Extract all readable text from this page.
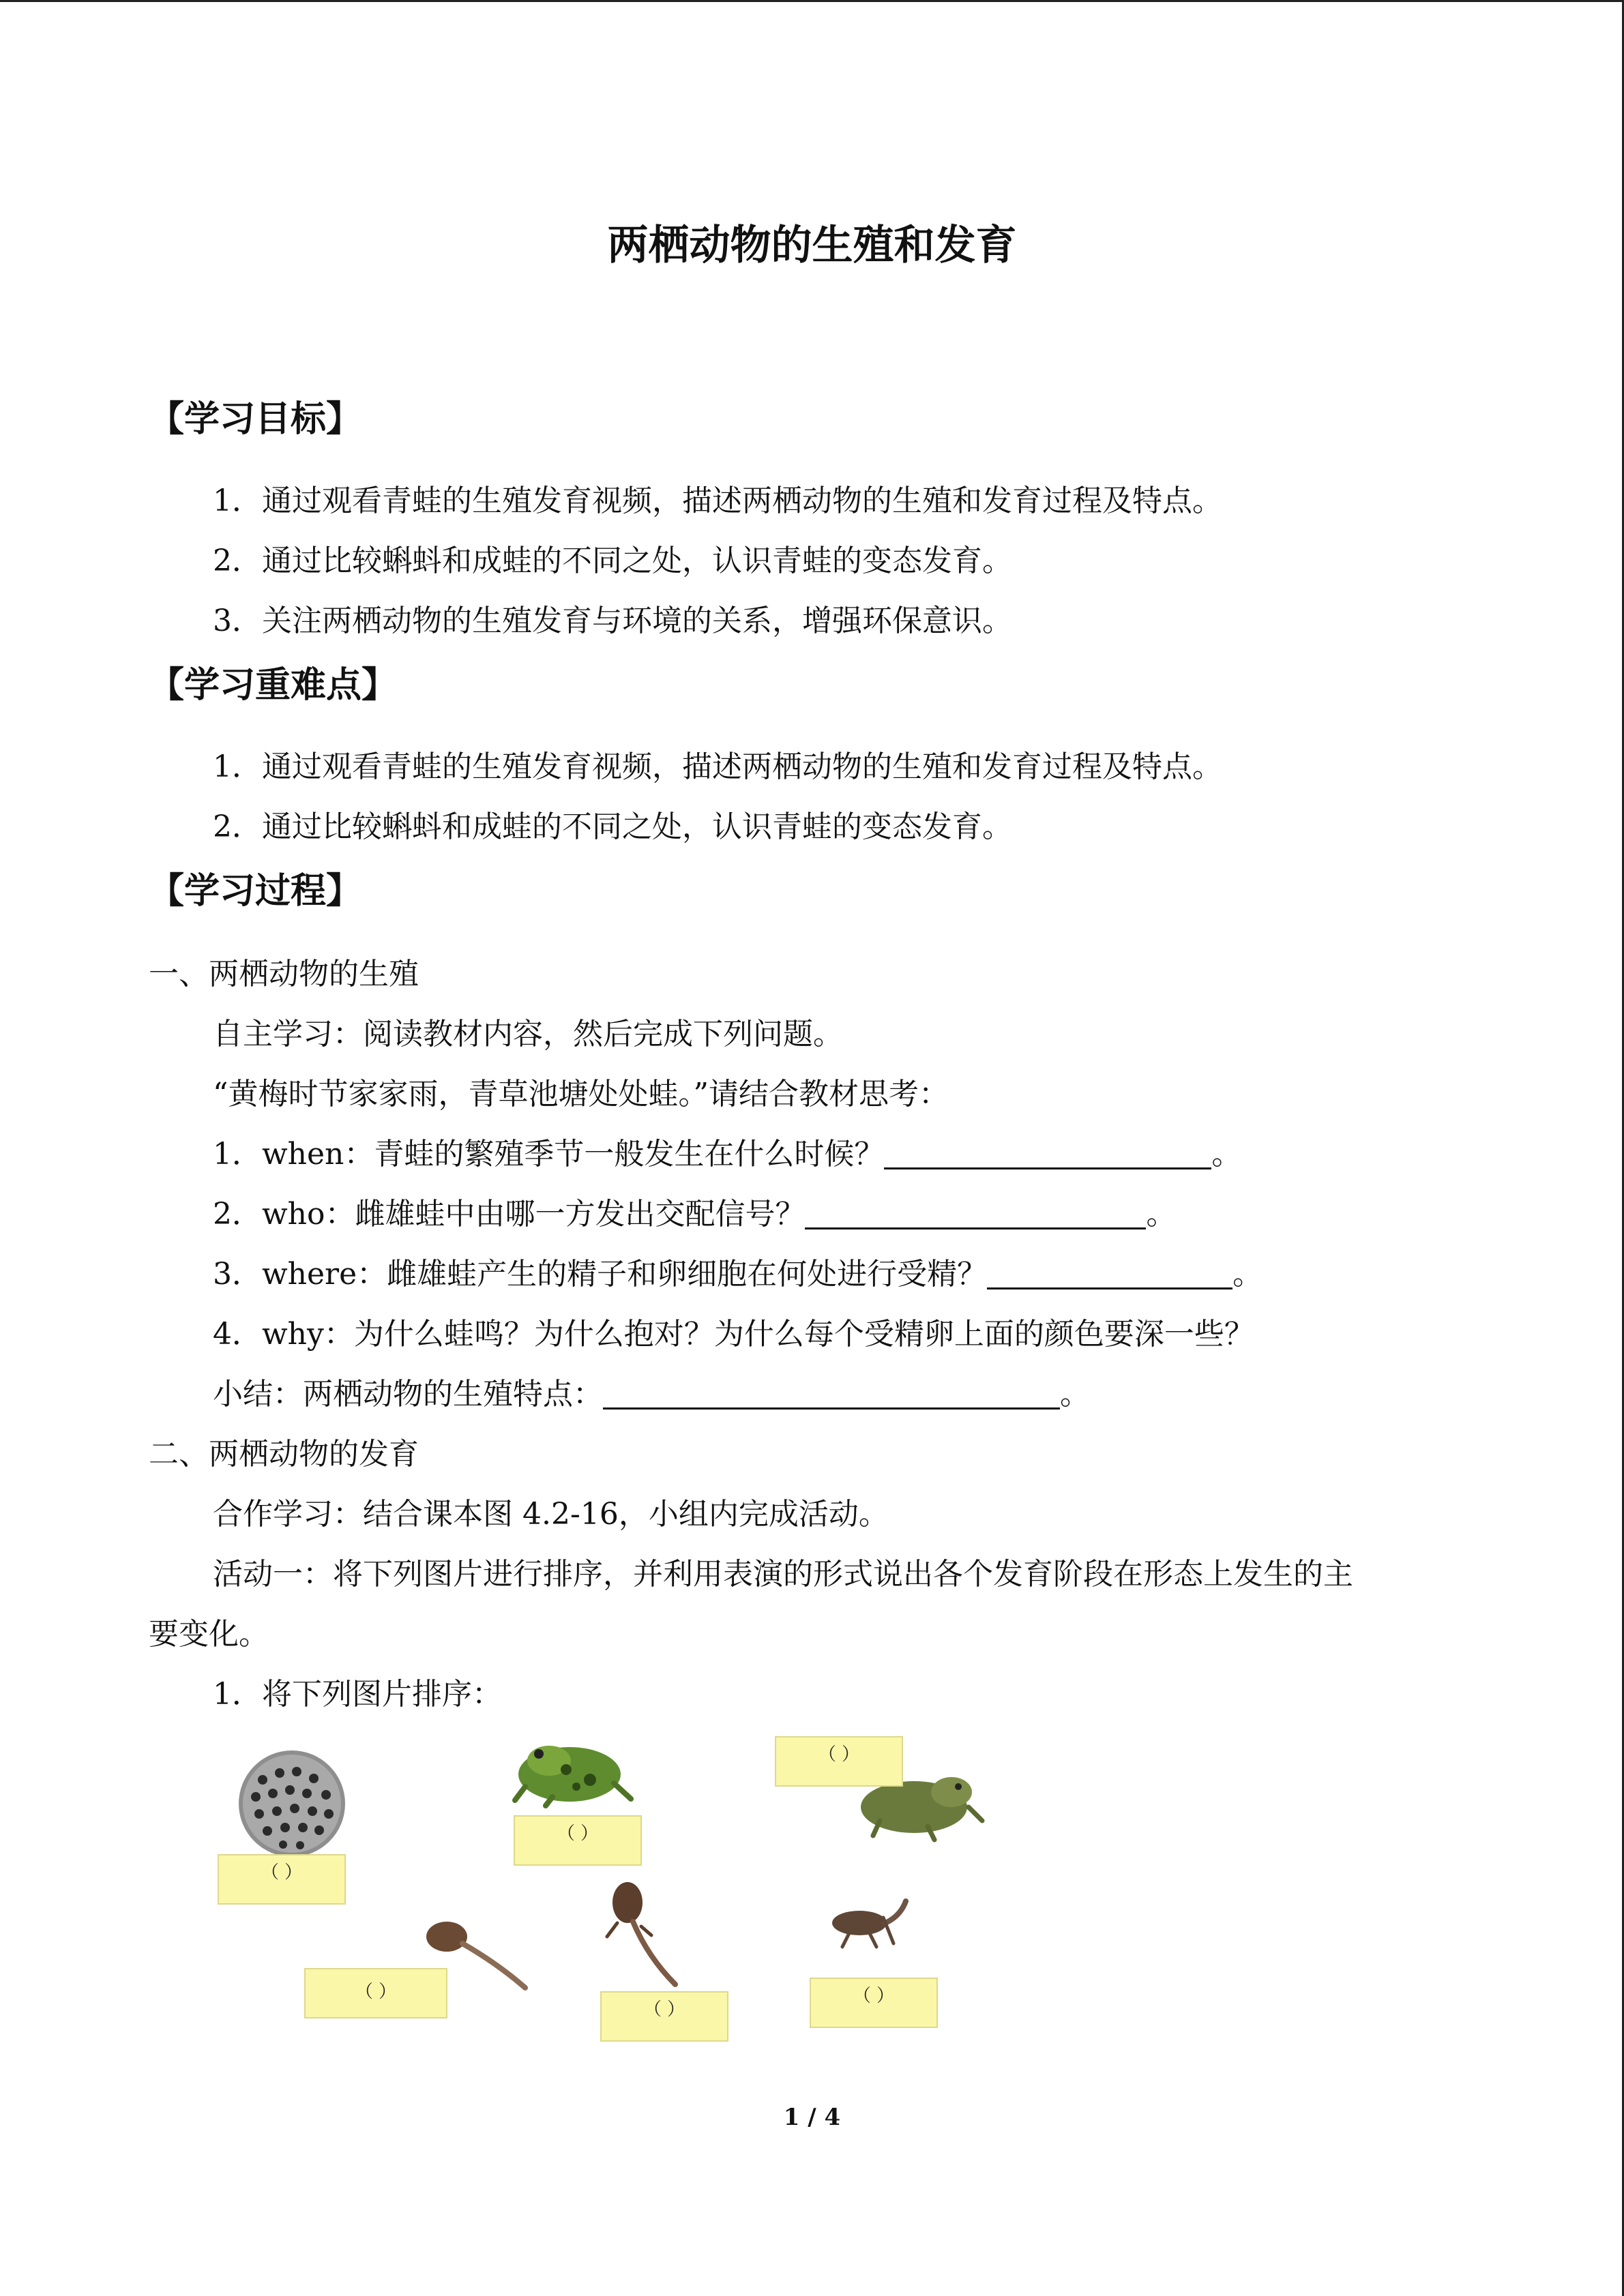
两栖动物的生殖和发育
【学习目标】
1．通过观看青蛙的生殖发育视频，描述两栖动物的生殖和发育过程及特点。
2．通过比较蝌蚪和成蛙的不同之处，认识青蛙的变态发育。
3．关注两栖动物的生殖发育与环境的关系，增强环保意识。
【学习重难点】
1．通过观看青蛙的生殖发育视频，描述两栖动物的生殖和发育过程及特点。
2．通过比较蝌蚪和成蛙的不同之处，认识青蛙的变态发育。
【学习过程】
一、两栖动物的生殖
自主学习：阅读教材内容，然后完成下列问题。
“黄梅时节家家雨，青草池塘处处蛙。”请结合教材思考：
1．when：青蛙的繁殖季节一般发生在什么时候？	。
2．who：雌雄蛙中由哪一方发出交配信号？	。
3．where：雌雄蛙产生的精子和卵细胞在何处进行受精？	。
4．why：为什么蛙鸣？为什么抱对？为什么每个受精卵上面的颜色要深一些？
小结：两栖动物的生殖特点：	。
二、两栖动物的发育
合作学习：结合课本图 4.2-16，小组内完成活动。
活动一：将下列图片进行排序，并利用表演的形式说出各个发育阶段在形态上发生的主
要变化。
1．将下列图片排序：
（ ）
（ ）
（ ）
（ ）
（ ）
（ ）
1 / 4
